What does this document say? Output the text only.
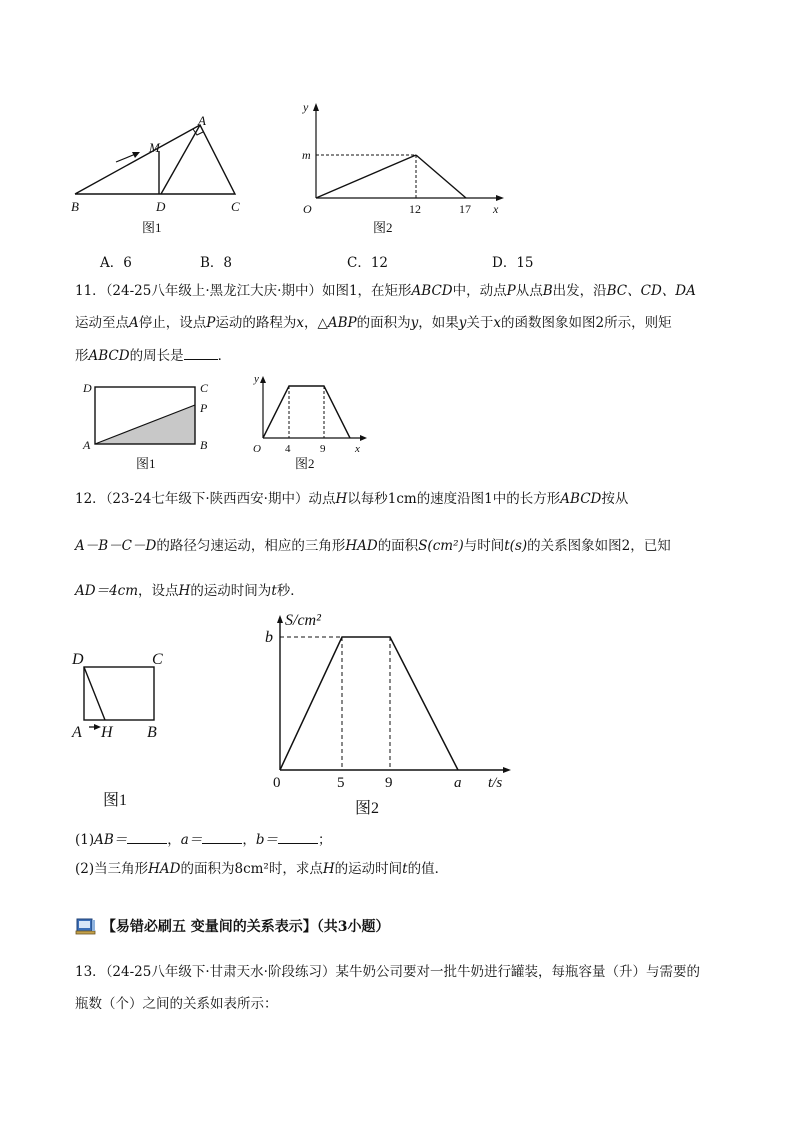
A
M
B	D	C
图1
y
m
O	12	17 x
图2
A．6	B．8	C．12	D．15
11．（24-25八年级上·黑龙江大庆·期中）如图1，在矩形ABCD中，动点P从点B出发，沿BC、CD、DA
运动至点A停止，设点P运动的路程为x，△ABP的面积为y，如果y关于x的函数图象如图2所示，则矩
形ABCD的周长是	．
D	C
P
A	B
图1
y
O 4	9	x
图2
12．（23-24七年级下·陕西西安·期中）动点H以每秒1cm的速度沿图1中的长方形ABCD按从
A－B－C－D的路径匀速运动，相应的三角形HAD的面积S(cm²)与时间t(s)的关系图象如图2，已知
AD＝4cm，设点H的运动时间为t秒．
D	C
A H B
图1
S/cm²
b
0	5	9	a t/s
图2
(1)AB＝	，a＝	，b＝	；
(2)当三角形HAD的面积为8cm²时，求点H的运动时间t的值．
【易错必刷五 变量间的关系表示】（共3小题）
13．（24-25八年级下·甘肃天水·阶段练习）某牛奶公司要对一批牛奶进行罐装，每瓶容量（升）与需要的
瓶数（个）之间的关系如表所示：
